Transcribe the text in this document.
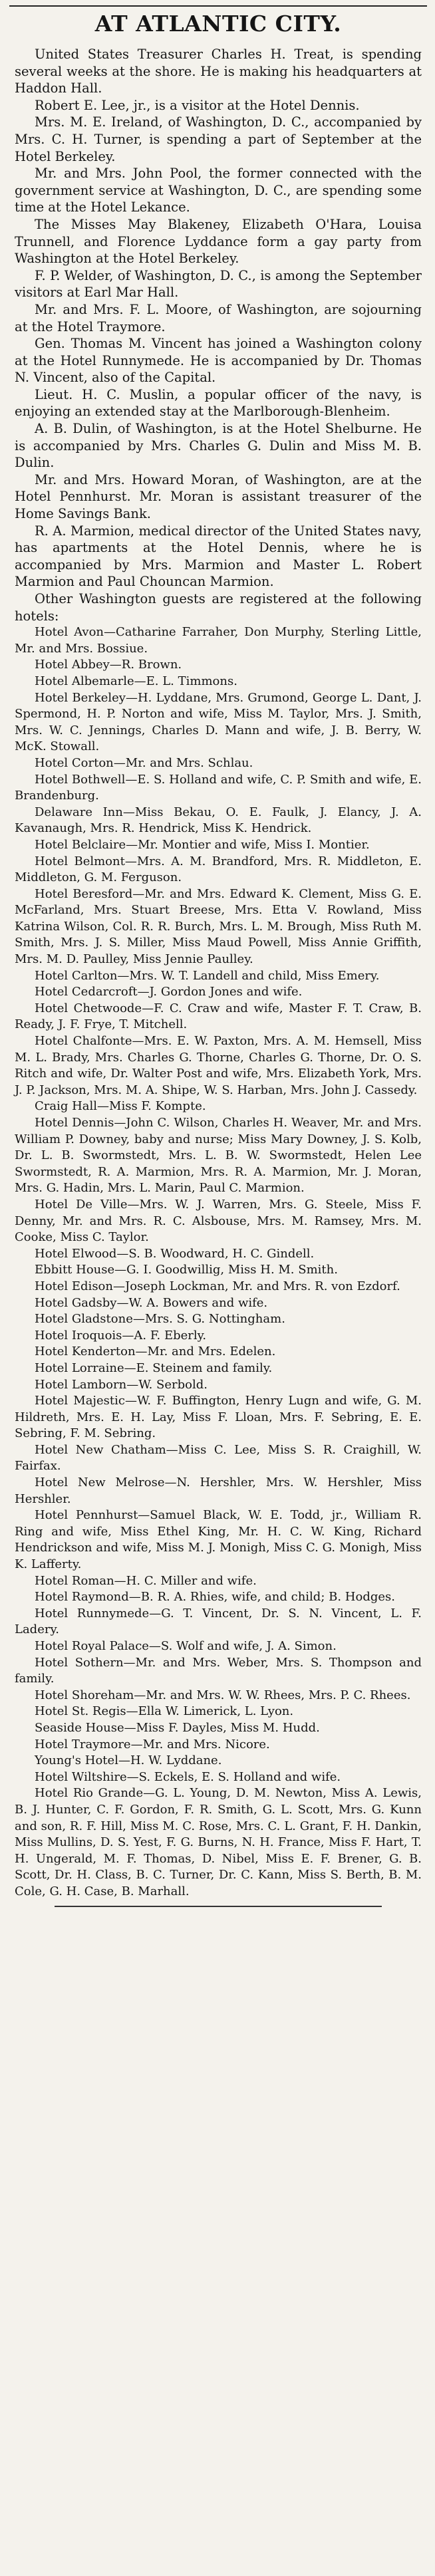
AT ATLANTIC CITY.

United States Treasurer Charles H. Treat, is spending several weeks at the shore. He is making his headquarters at Haddon Hall.

Robert E. Lee, jr., is a visitor at the Hotel Dennis.

Mrs. M. E. Ireland, of Washington, D. C., accompanied by Mrs. C. H. Turner, is spending a part of September at the Hotel Berkeley.

Mr. and Mrs. John Pool, the former connected with the government service at Washington, D. C., are spending some time at the Hotel Lekance.

The Misses May Blakeney, Elizabeth O'Hara, Louisa Trunnell, and Florence Lyddance form a gay party from Washington at the Hotel Berkeley.

F. P. Welder, of Washington, D. C., is among the September visitors at Earl Mar Hall.

Mr. and Mrs. F. L. Moore, of Washington, are sojourning at the Hotel Traymore.

Gen. Thomas M. Vincent has joined a Washington colony at the Hotel Runnymede. He is accompanied by Dr. Thomas N. Vincent, also of the Capital.

Lieut. H. C. Muslin, a popular officer of the navy, is enjoying an extended stay at the Marlborough-Blenheim.

A. B. Dulin, of Washington, is at the Hotel Shelburne. He is accompanied by Mrs. Charles G. Dulin and Miss M. B. Dulin.

Mr. and Mrs. Howard Moran, of Washington, are at the Hotel Pennhurst. Mr. Moran is assistant treasurer of the Home Savings Bank.

R. A. Marmion, medical director of the United States navy, has apartments at the Hotel Dennis, where he is accompanied by Mrs. Marmion and Master L. Robert Marmion and Paul Chouncan Marmion.

Other Washington guests are registered at the following hotels:

Hotel Avon—Catharine Farraher, Don Murphy, Sterling Little, Mr. and Mrs. Bossiue.

Hotel Abbey—R. Brown.

Hotel Albemarle—E. L. Timmons.

Hotel Berkeley—H. Lyddane, Mrs. Grumond, George L. Dant, J. Spermond, H. P. Norton and wife, Miss M. Taylor, Mrs. J. Smith, Mrs. W. C. Jennings, Charles D. Mann and wife, J. B. Berry, W. McK. Stowall.

Hotel Corton—Mr. and Mrs. Schlau.

Hotel Bothwell—E. S. Holland and wife, C. P. Smith and wife, E. Brandenburg.

Delaware Inn—Miss Bekau, O. E. Faulk, J. Elancy, J. A. Kavanaugh, Mrs. R. Hendrick, Miss K. Hendrick.

Hotel Belclaire—Mr. Montier and wife, Miss I. Montier.

Hotel Belmont—Mrs. A. M. Brandford, Mrs. R. Middleton, E. Middleton, G. M. Ferguson.

Hotel Beresford—Mr. and Mrs. Edward K. Clement, Miss G. E. McFarland, Mrs. Stuart Breese, Mrs. Etta V. Rowland, Miss Katrina Wilson, Col. R. R. Burch, Mrs. L. M. Brough, Miss Ruth M. Smith, Mrs. J. S. Miller, Miss Maud Powell, Miss Annie Griffith, Mrs. M. D. Paulley, Miss Jennie Paulley.

Hotel Carlton—Mrs. W. T. Landell and child, Miss Emery.

Hotel Cedarcroft—J. Gordon Jones and wife.

Hotel Chetwoode—F. C. Craw and wife, Master F. T. Craw, B. Ready, J. F. Frye, T. Mitchell.

Hotel Chalfonte—Mrs. E. W. Paxton, Mrs. A. M. Hemsell, Miss M. L. Brady, Mrs. Charles G. Thorne, Charles G. Thorne, Dr. O. S. Ritch and wife, Dr. Walter Post and wife, Mrs. Elizabeth York, Mrs. J. P. Jackson, Mrs. M. A. Shipe, W. S. Harban, Mrs. John J. Cassedy.

Craig Hall—Miss F. Kompte.

Hotel Dennis—John C. Wilson, Charles H. Weaver, Mr. and Mrs. William P. Downey, baby and nurse; Miss Mary Downey, J. S. Kolb, Dr. L. B. Swormstedt, Mrs. L. B. W. Swormstedt, Helen Lee Swormstedt, R. A. Marmion, Mrs. R. A. Marmion, Mr. J. Moran, Mrs. G. Hadin, Mrs. L. Marin, Paul C. Marmion.

Hotel De Ville—Mrs. W. J. Warren, Mrs. G. Steele, Miss F. Denny, Mr. and Mrs. R. C. Alsbouse, Mrs. M. Ramsey, Mrs. M. Cooke, Miss C. Taylor.

Hotel Elwood—S. B. Woodward, H. C. Gindell.

Ebbitt House—G. I. Goodwillig, Miss H. M. Smith.

Hotel Edison—Joseph Lockman, Mr. and Mrs. R. von Ezdorf.

Hotel Gadsby—W. A. Bowers and wife.

Hotel Gladstone—Mrs. S. G. Nottingham.

Hotel Iroquois—A. F. Eberly.

Hotel Kenderton—Mr. and Mrs. Edelen.

Hotel Lorraine—E. Steinem and family.

Hotel Lamborn—W. Serbold.

Hotel Majestic—W. F. Buffington, Henry Lugn and wife, G. M. Hildreth, Mrs. E. H. Lay, Miss F. Lloan, Mrs. F. Sebring, E. E. Sebring, F. M. Sebring.

Hotel New Chatham—Miss C. Lee, Miss S. R. Craighill, W. Fairfax.

Hotel New Melrose—N. Hershler, Mrs. W. Hershler, Miss Hershler.

Hotel Pennhurst—Samuel Black, W. E. Todd, jr., William R. Ring and wife, Miss Ethel King, Mr. H. C. W. King, Richard Hendrickson and wife, Miss M. J. Monigh, Miss C. G. Monigh, Miss K. Lafferty.

Hotel Roman—H. C. Miller and wife.

Hotel Raymond—B. R. A. Rhies, wife, and child; B. Hodges.

Hotel Runnymede—G. T. Vincent, Dr. S. N. Vincent, L. F. Ladery.

Hotel Royal Palace—S. Wolf and wife, J. A. Simon.

Hotel Sothern—Mr. and Mrs. Weber, Mrs. S. Thompson and family.

Hotel Shoreham—Mr. and Mrs. W. W. Rhees, Mrs. P. C. Rhees.

Hotel St. Regis—Ella W. Limerick, L. Lyon.

Seaside House—Miss F. Dayles, Miss M. Hudd.

Hotel Traymore—Mr. and Mrs. Nicore.

Young's Hotel—H. W. Lyddane.

Hotel Wiltshire—S. Eckels, E. S. Holland and wife.

Hotel Rio Grande—G. L. Young, D. M. Newton, Miss A. Lewis, B. J. Hunter, C. F. Gordon, F. R. Smith, G. L. Scott, Mrs. G. Kunn and son, R. F. Hill, Miss M. C. Rose, Mrs. C. L. Grant, F. H. Dankin, Miss Mullins, D. S. Yest, F. G. Burns, N. H. France, Miss F. Hart, T. H. Ungerald, M. F. Thomas, D. Nibel, Miss E. F. Brener, G. B. Scott, Dr. H. Class, B. C. Turner, Dr. C. Kann, Miss S. Berth, B. M. Cole, G. H. Case, B. Marhall.
